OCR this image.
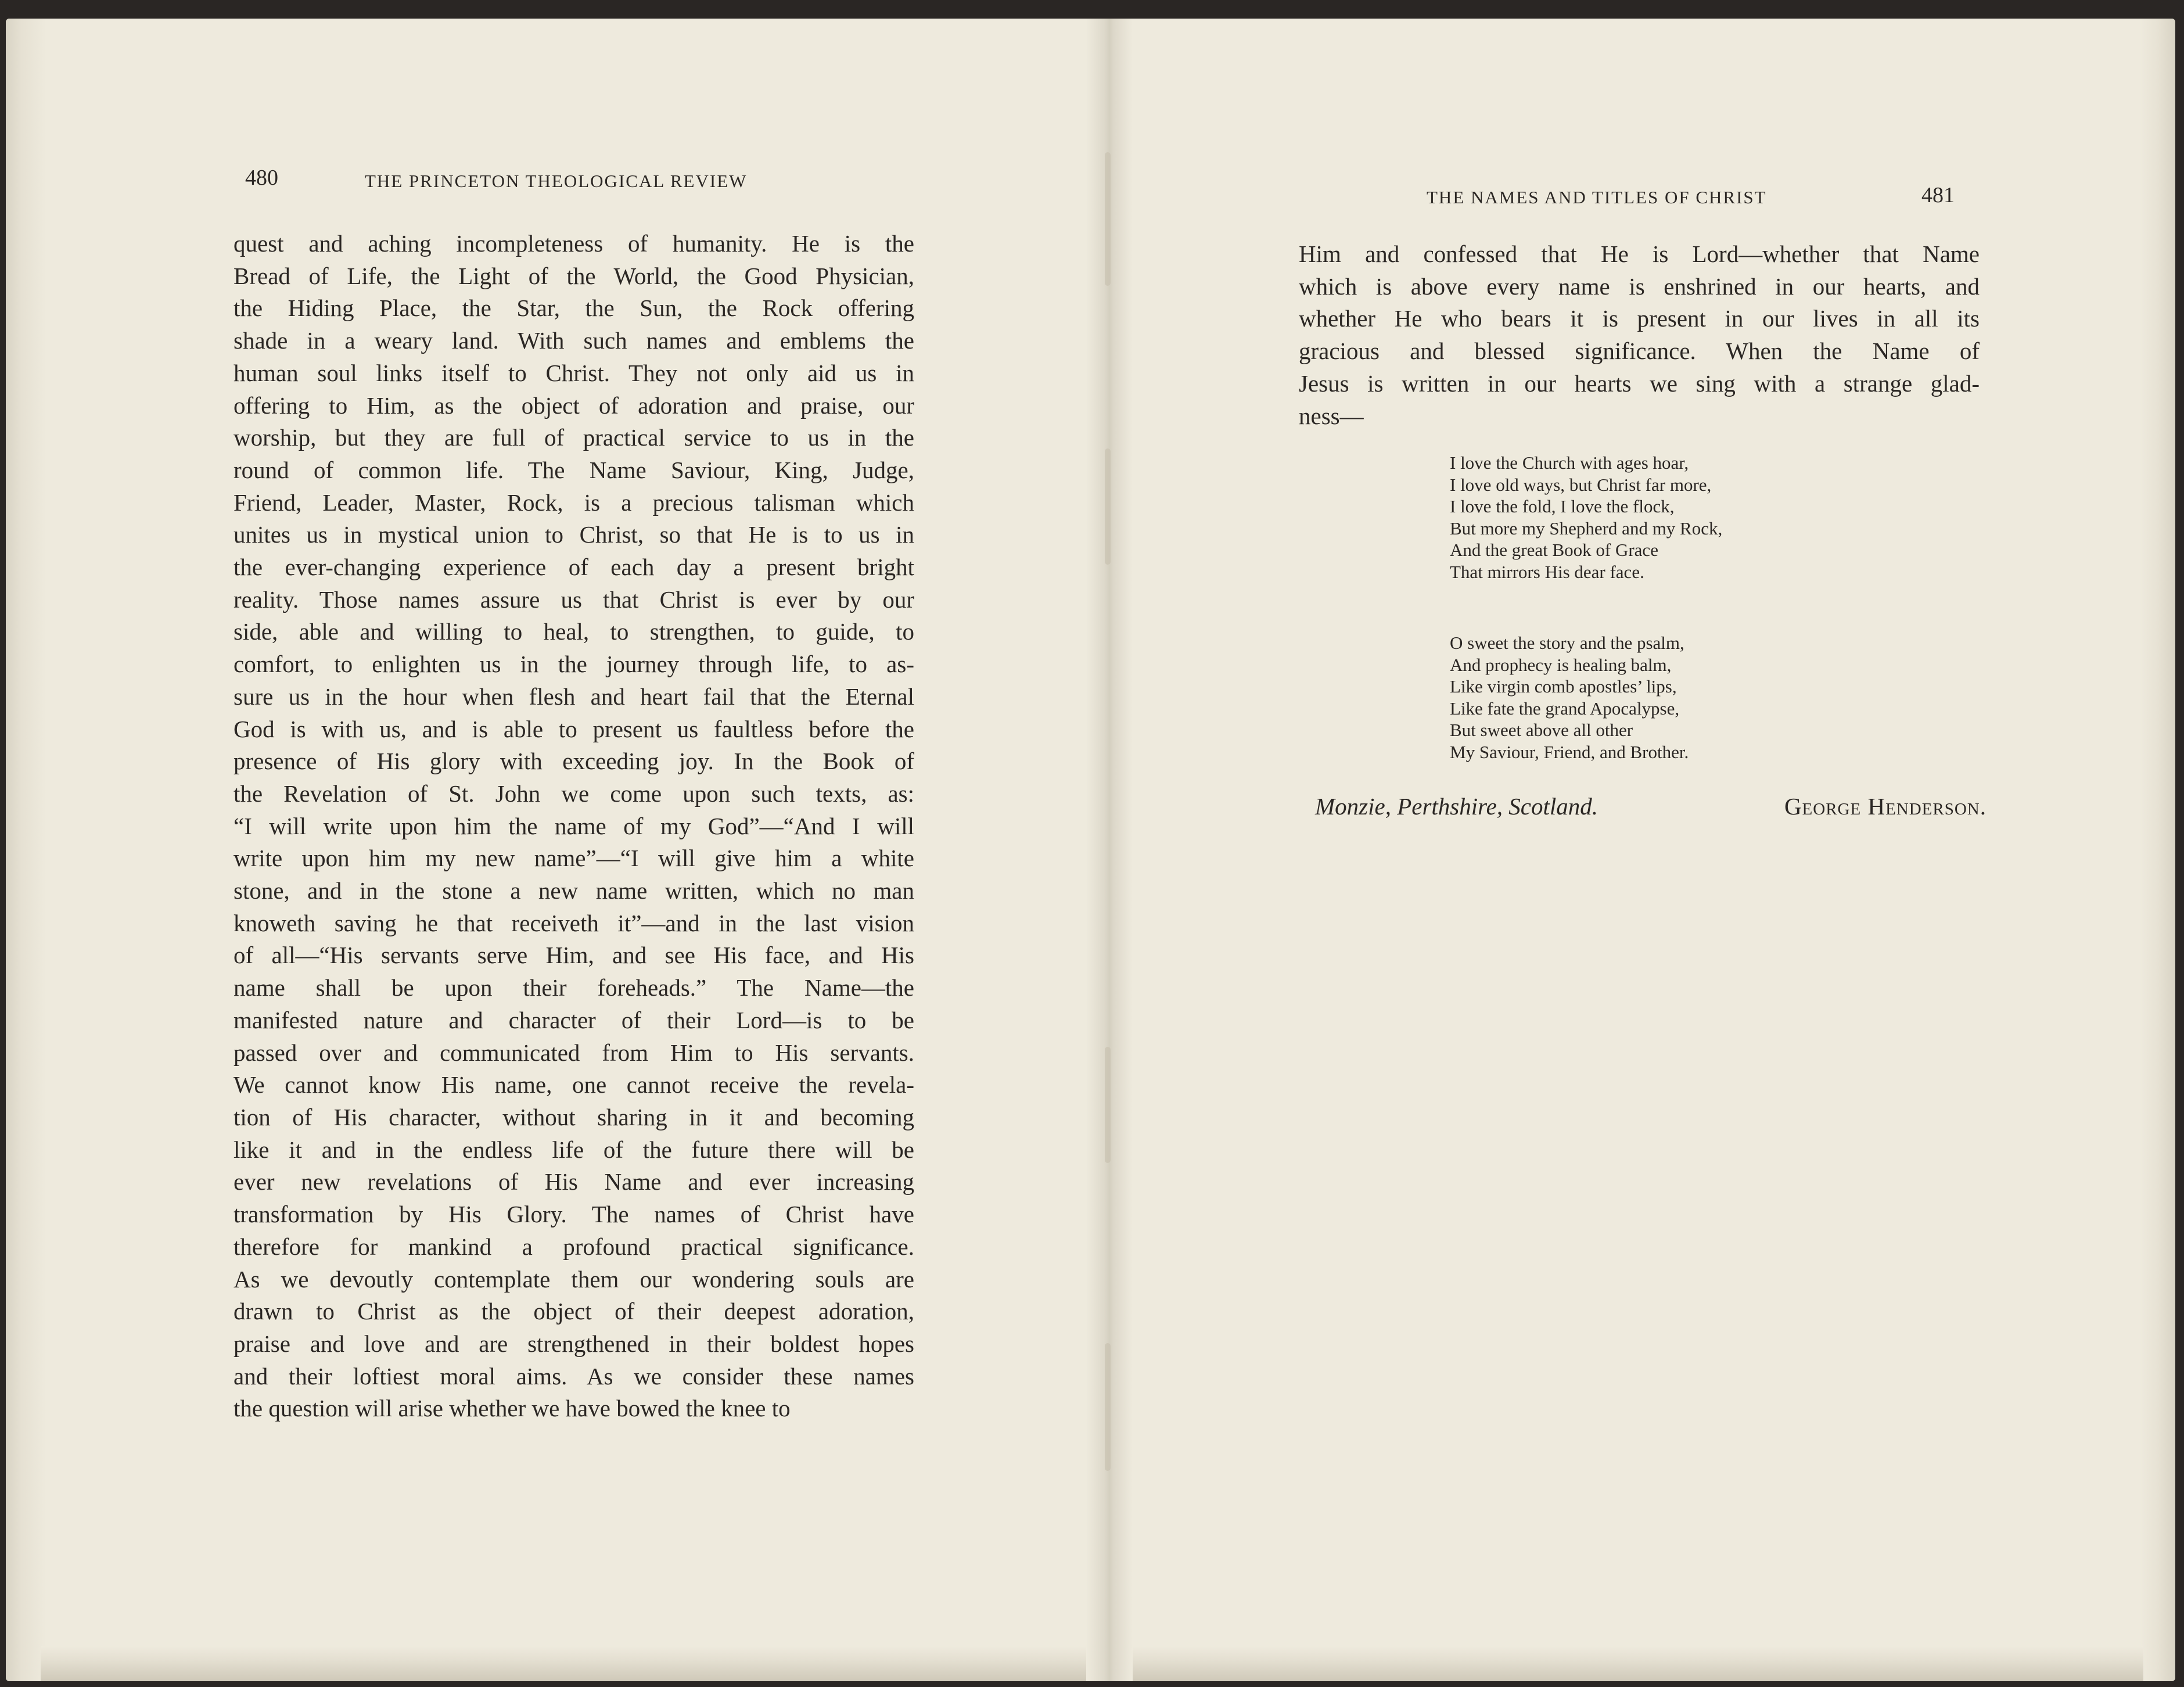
480	THE PRINCETON THEOLOGICAL REVIEW
quest and aching incompleteness of humanity. He is the
Bread of Life, the Light of the World, the Good Physician,
the Hiding Place, the Star, the Sun, the Rock offering
shade in a weary land. With such names and emblems the
human soul links itself to Christ. They not only aid us in
offering to Him, as the object of adoration and praise, our
worship, but they are full of practical service to us in the
round of common life. The Name Saviour, King, Judge,
Friend, Leader, Master, Rock, is a precious talisman which
unites us in mystical union to Christ, so that He is to us in
the ever-changing experience of each day a present bright
reality. Those names assure us that Christ is ever by our
side, able and willing to heal, to strengthen, to guide, to
comfort, to enlighten us in the journey through life, to as-
sure us in the hour when flesh and heart fail that the Eternal
God is with us, and is able to present us faultless before the
presence of His glory with exceeding joy. In the Book of
the Revelation of St. John we come upon such texts, as:
“I will write upon him the name of my God”—“And I will
write upon him my new name”—“I will give him a white
stone, and in the stone a new name written, which no man
knoweth saving he that receiveth it”—and in the last vision
of all—“His servants serve Him, and see His face, and His
name shall be upon their foreheads.” The Name—the
manifested nature and character of their Lord—is to be
passed over and communicated from Him to His servants.
We cannot know His name, one cannot receive the revela-
tion of His character, without sharing in it and becoming
like it and in the endless life of the future there will be
ever new revelations of His Name and ever increasing
transformation by His Glory. The names of Christ have
therefore for mankind a profound practical significance.
As we devoutly contemplate them our wondering souls are
drawn to Christ as the object of their deepest adoration,
praise and love and are strengthened in their boldest hopes
and their loftiest moral aims. As we consider these names
the question will arise whether we have bowed the knee to
THE NAMES AND TITLES OF CHRIST	481
Him and confessed that He is Lord—whether that Name
which is above every name is enshrined in our hearts, and
whether He who bears it is present in our lives in all its
gracious and blessed significance. When the Name of
Jesus is written in our hearts we sing with a strange glad-
ness—
I love the Church with ages hoar,
I love old ways, but Christ far more,
I love the fold, I love the flock,
But more my Shepherd and my Rock,
And the great Book of Grace
That mirrors His dear face.
O sweet the story and the psalm,
And prophecy is healing balm,
Like virgin comb apostles’ lips,
Like fate the grand Apocalypse,
But sweet above all other
My Saviour, Friend, and Brother.
Monzie, Perthshire, Scotland.	George Henderson.
